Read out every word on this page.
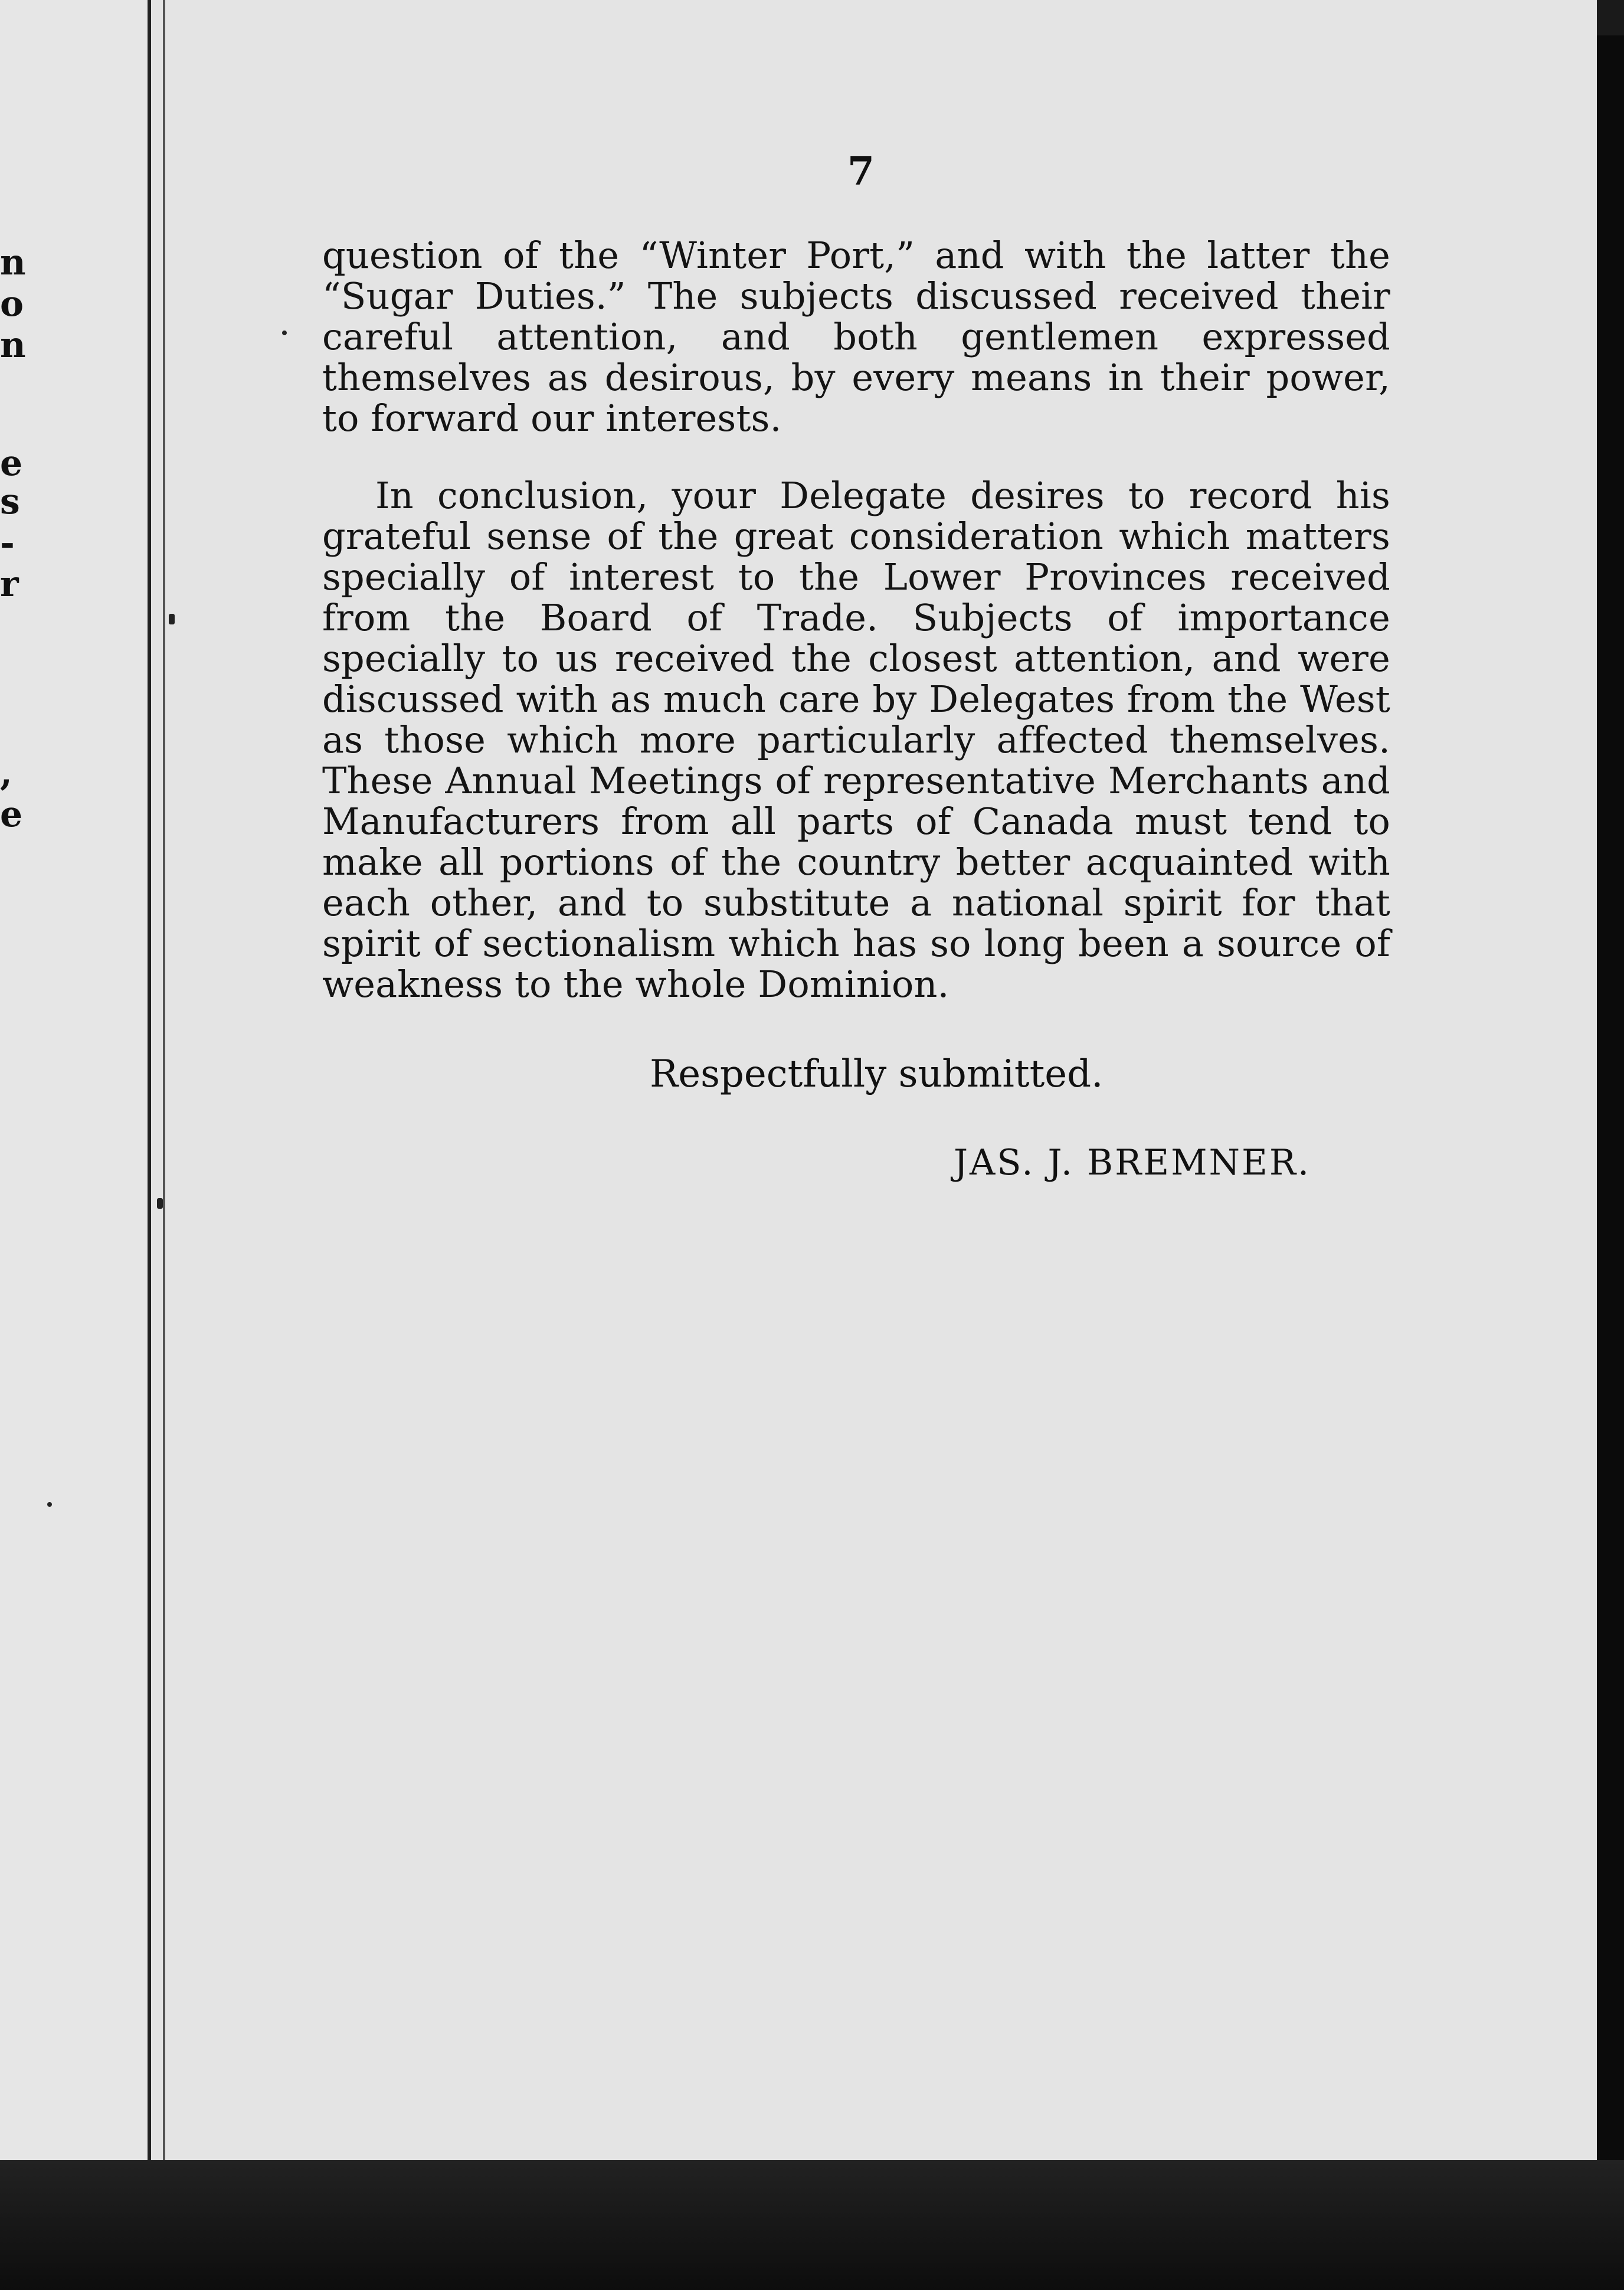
n
o
n
e
s
-
r
,
e
7

question of the “Winter Port,” and with the latter the “Sugar Duties.” The subjects discussed received their careful attention, and both gentlemen expressed themselves as desirous, by every means in their power, to forward our interests.

In conclusion, your Delegate desires to record his grateful sense of the great consideration which matters specially of interest to the Lower Provinces received from the Board of Trade. Subjects of importance specially to us received the closest attention, and were discussed with as much care by Delegates from the West as those which more particularly affected themselves. These Annual Meetings of representative Merchants and Manufacturers from all parts of Canada must tend to make all portions of the country better acquainted with each other, and to substitute a national spirit for that spirit of sectionalism which has so long been a source of weakness to the whole Dominion.

Respectfully submitted.
JAS. J. BREMNER.
